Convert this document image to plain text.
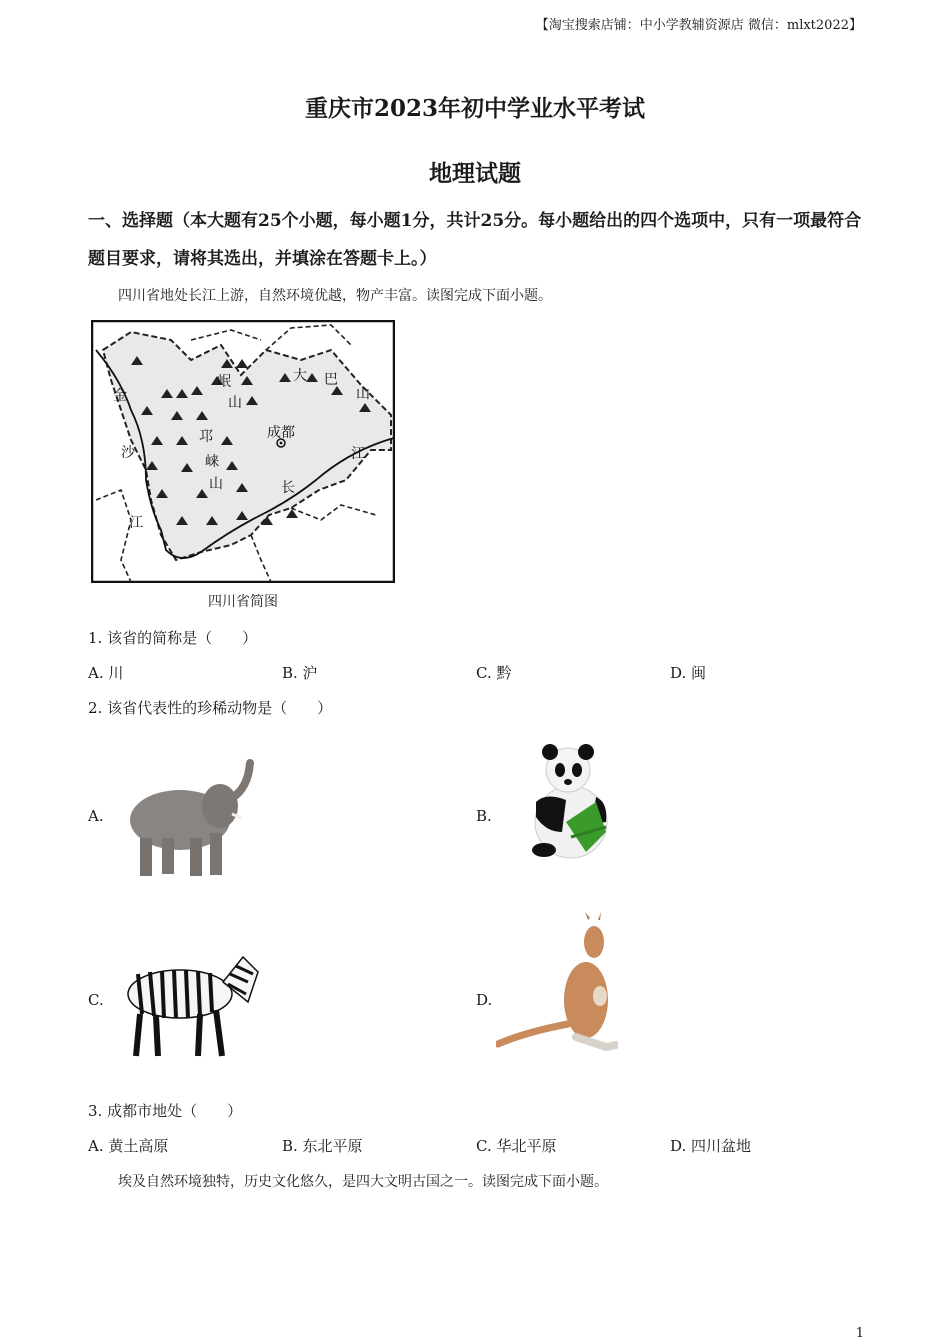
【淘宝搜索店铺：中小学教辅资源店 微信：mlxt2022】
重庆市2023年初中学业水平考试
地理试题
一、选择题（本大题有25个小题，每小题1分，共计25分。每小题给出的四个选项中，只有一项最符合题目要求，请将其选出，并填涂在答题卡上。）
四川省地处长江上游，自然环境优越，物产丰富。读图完成下面小题。
岷
山
大 巴
山
金
沙
江
邛
崃
山
成都
长
江
四川省简图
1. 该省的简称是（　　）
A. 川	B. 沪	C. 黔	D. 闽
2. 该省代表性的珍稀动物是（　　）
A.	B.
C.	D.
3. 成都市地处（　　）
A. 黄土高原	B. 东北平原	C. 华北平原	D. 四川盆地
埃及自然环境独特，历史文化悠久，是四大文明古国之一。读图完成下面小题。
1
